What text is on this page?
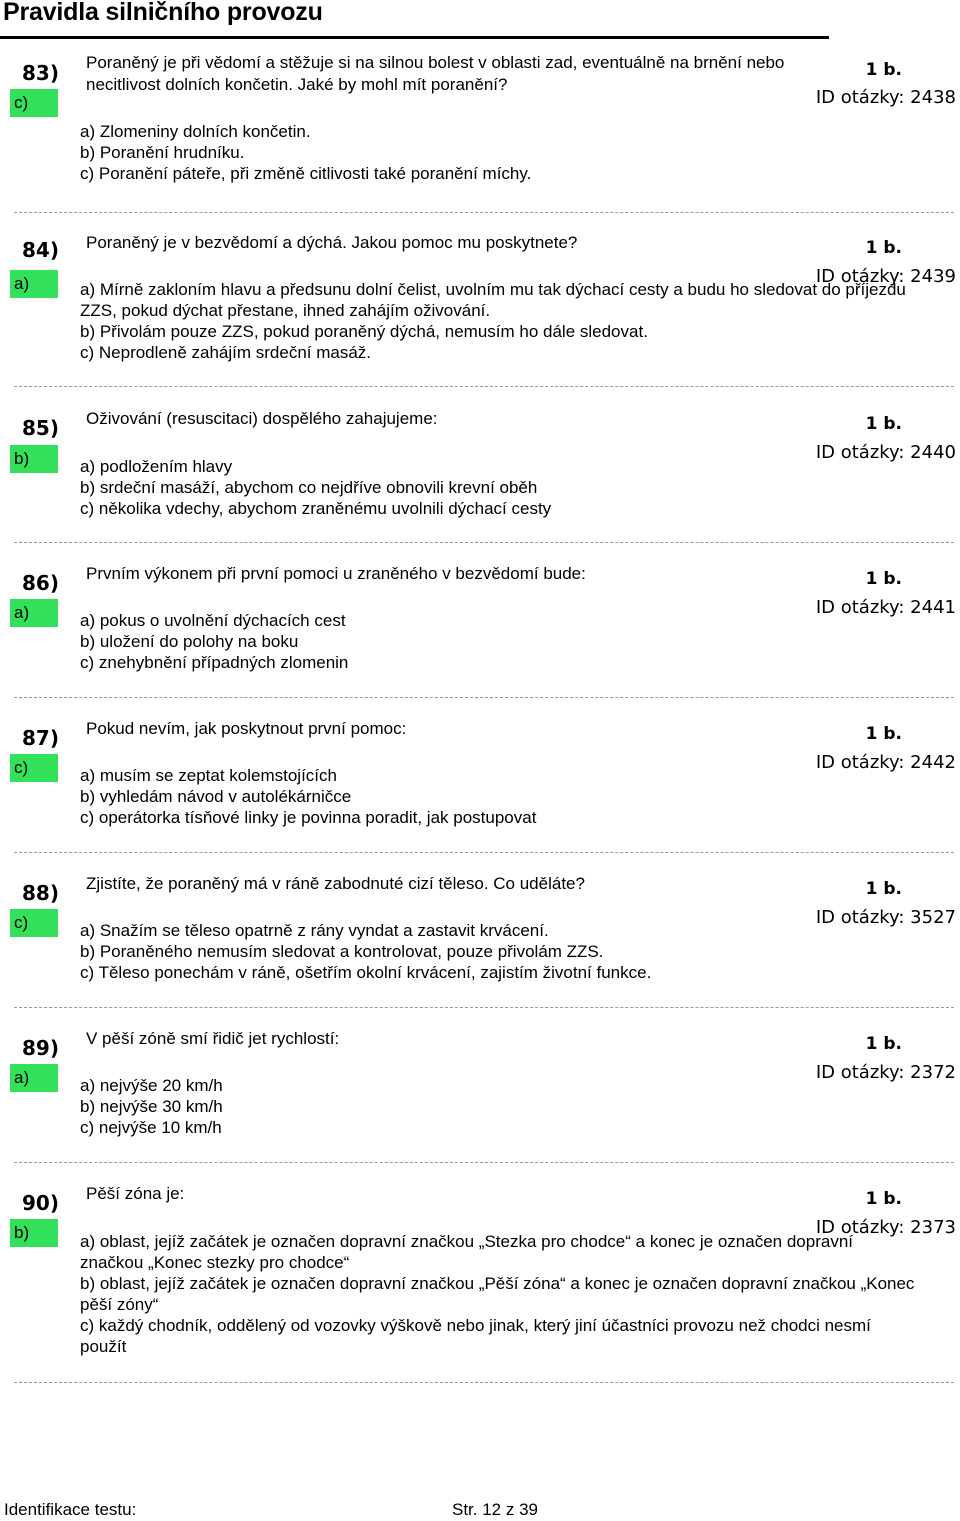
Pravidla silničního provozu
83)
c)
Poraněný je při vědomí a stěžuje si na silnou bolest v oblasti zad, eventuálně na brnění nebo necitlivost dolních končetin. Jaké by mohl mít poranění?
1 b.
ID otázky: 2438
a) Zlomeniny dolních končetin.
b) Poranění hrudníku.
c) Poranění páteře, při změně citlivosti také poranění míchy.
84)
a)
Poraněný je v bezvědomí a dýchá. Jakou pomoc mu poskytnete?	1 b.
ID otázky: 2439
a) Mírně zakloním hlavu a předsunu dolní čelist, uvolním mu tak dýchací cesty a budu ho sledovat do příjezdu ZZS, pokud dýchat přestane, ihned zahájím oživování.
b) Přivolám pouze ZZS, pokud poraněný dýchá, nemusím ho dále sledovat.
c) Neprodleně zahájím srdeční masáž.
85)
b)
Oživování (resuscitaci) dospělého zahajujeme:	1 b.
ID otázky: 2440
a) podložením hlavy
b) srdeční masáží, abychom co nejdříve obnovili krevní oběh
c) několika vdechy, abychom zraněnému uvolnili dýchací cesty
86)
a)
Prvním výkonem při první pomoci u zraněného v bezvědomí bude:	1 b.
ID otázky: 2441
a) pokus o uvolnění dýchacích cest
b) uložení do polohy na boku
c) znehybnění případných zlomenin
87)
c)
Pokud nevím, jak poskytnout první pomoc:	1 b.
ID otázky: 2442
a) musím se zeptat kolemstojících
b) vyhledám návod v autolékárničce
c) operátorka tísňové linky je povinna poradit, jak postupovat
88)
c)
Zjistíte, že poraněný má v ráně zabodnuté cizí těleso. Co uděláte?	1 b.
ID otázky: 3527
a) Snažím se těleso opatrně z rány vyndat a zastavit krvácení.
b) Poraněného nemusím sledovat a kontrolovat, pouze přivolám ZZS.
c) Těleso ponechám v ráně, ošetřím okolní krvácení, zajistím životní funkce.
89)
a)
V pěší zóně smí řidič jet rychlostí:	1 b.
ID otázky: 2372
a) nejvýše 20 km/h
b) nejvýše 30 km/h
c) nejvýše 10 km/h
90)
b)
Pěší zóna je:	1 b.
ID otázky: 2373
a) oblast, jejíž začátek je označen dopravní značkou „Stezka pro chodce“ a konec je označen dopravní značkou „Konec stezky pro chodce“
b) oblast, jejíž začátek je označen dopravní značkou „Pěší zóna“ a konec je označen dopravní značkou „Konec pěší zóny“
c) každý chodník, oddělený od vozovky výškově nebo jinak, který jiní účastníci provozu než chodci nesmí použít
Identifikace testu:	Str. 12 z 39
